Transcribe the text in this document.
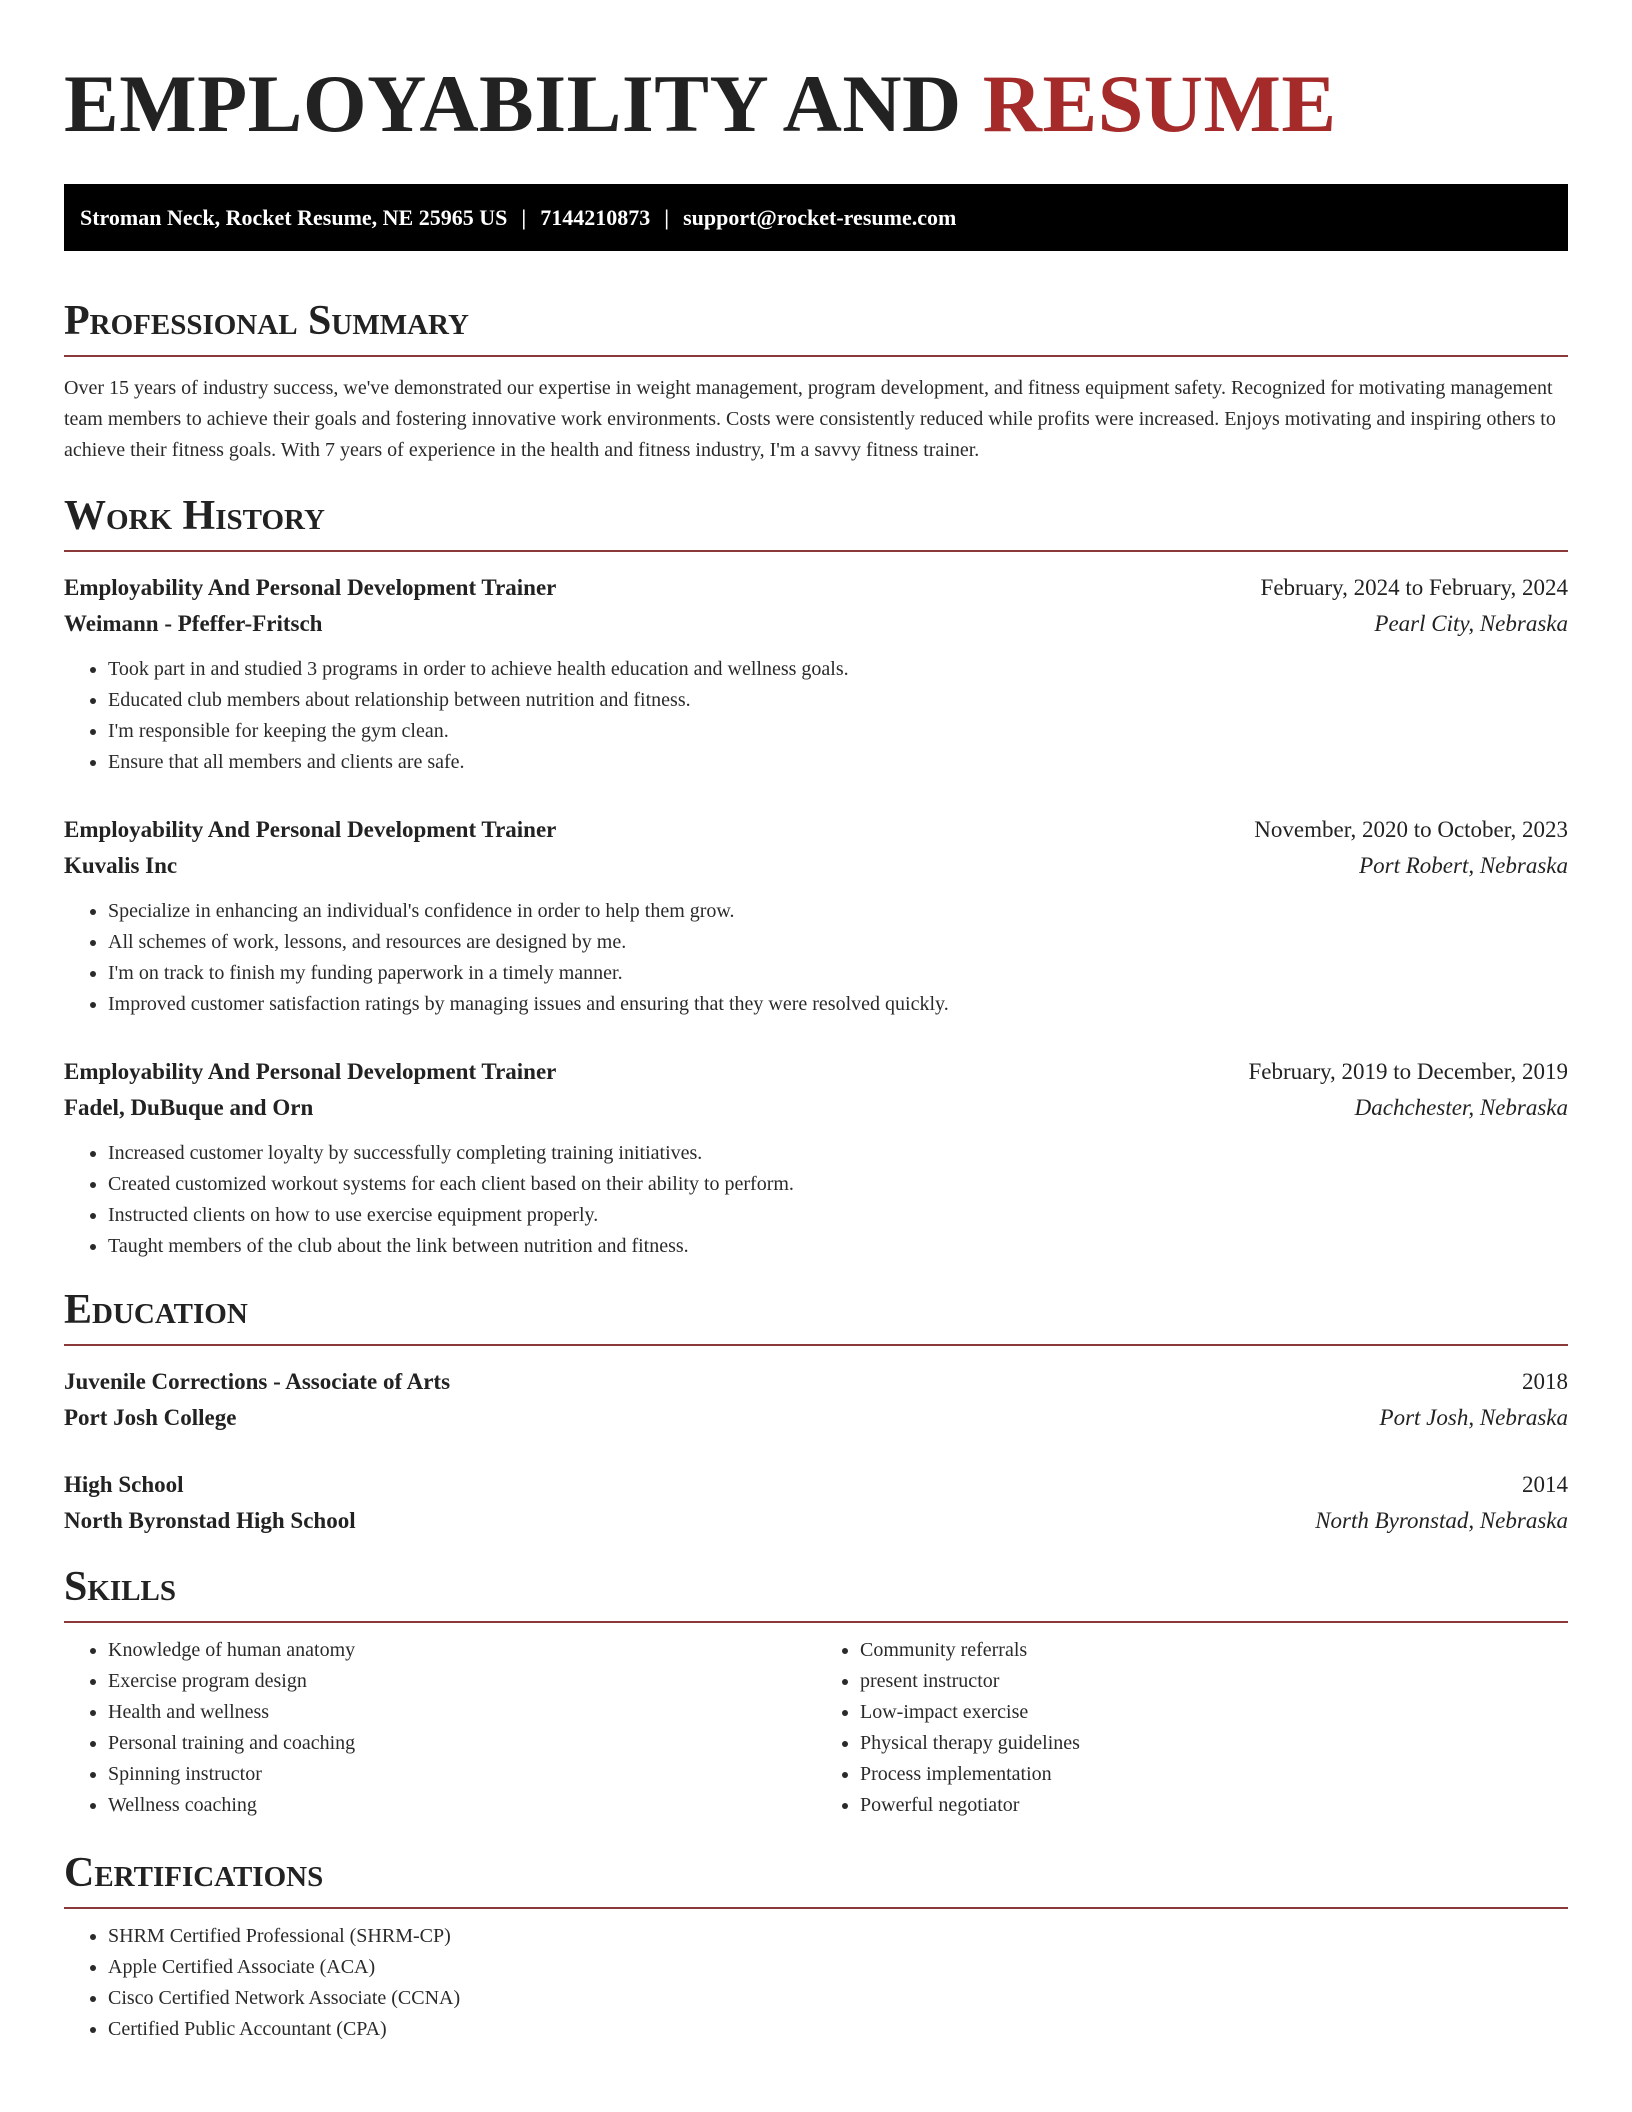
EMPLOYABILITY AND RESUME
Stroman Neck, Rocket Resume, NE 25965 US | 7144210873 | support@rocket-resume.com
Professional Summary

Over 15 years of industry success, we've demonstrated our expertise in weight management, program development, and fitness equipment safety. Recognized for motivating management team members to achieve their goals and fostering innovative work environments. Costs were consistently reduced while profits were increased. Enjoys motivating and inspiring others to achieve their fitness goals. With 7 years of experience in the health and fitness industry, I'm a savvy fitness trainer.

Work History
Employability And Personal Development Trainer	February, 2024 to February, 2024
Weimann - Pfeffer-Fritsch	Pearl City, Nebraska
• Took part in and studied 3 programs in order to achieve health education and wellness goals.
• Educated club members about relationship between nutrition and fitness.
• I'm responsible for keeping the gym clean.
• Ensure that all members and clients are safe.
Employability And Personal Development Trainer	November, 2020 to October, 2023
Kuvalis Inc	Port Robert, Nebraska
• Specialize in enhancing an individual's confidence in order to help them grow.
• All schemes of work, lessons, and resources are designed by me.
• I'm on track to finish my funding paperwork in a timely manner.
• Improved customer satisfaction ratings by managing issues and ensuring that they were resolved quickly.
Employability And Personal Development Trainer	February, 2019 to December, 2019
Fadel, DuBuque and Orn	Dachchester, Nebraska
• Increased customer loyalty by successfully completing training initiatives.
• Created customized workout systems for each client based on their ability to perform.
• Instructed clients on how to use exercise equipment properly.
• Taught members of the club about the link between nutrition and fitness.
Education
Juvenile Corrections - Associate of Arts	2018
Port Josh College	Port Josh, Nebraska
High School	2014
North Byronstad High School	North Byronstad, Nebraska
Skills
• Knowledge of human anatomy
• Exercise program design
• Health and wellness
• Personal training and coaching
• Spinning instructor
• Wellness coaching
• Community referrals
• present instructor
• Low-impact exercise
• Physical therapy guidelines
• Process implementation
• Powerful negotiator
Certifications
• SHRM Certified Professional (SHRM-CP)
• Apple Certified Associate (ACA)
• Cisco Certified Network Associate (CCNA)
• Certified Public Accountant (CPA)
